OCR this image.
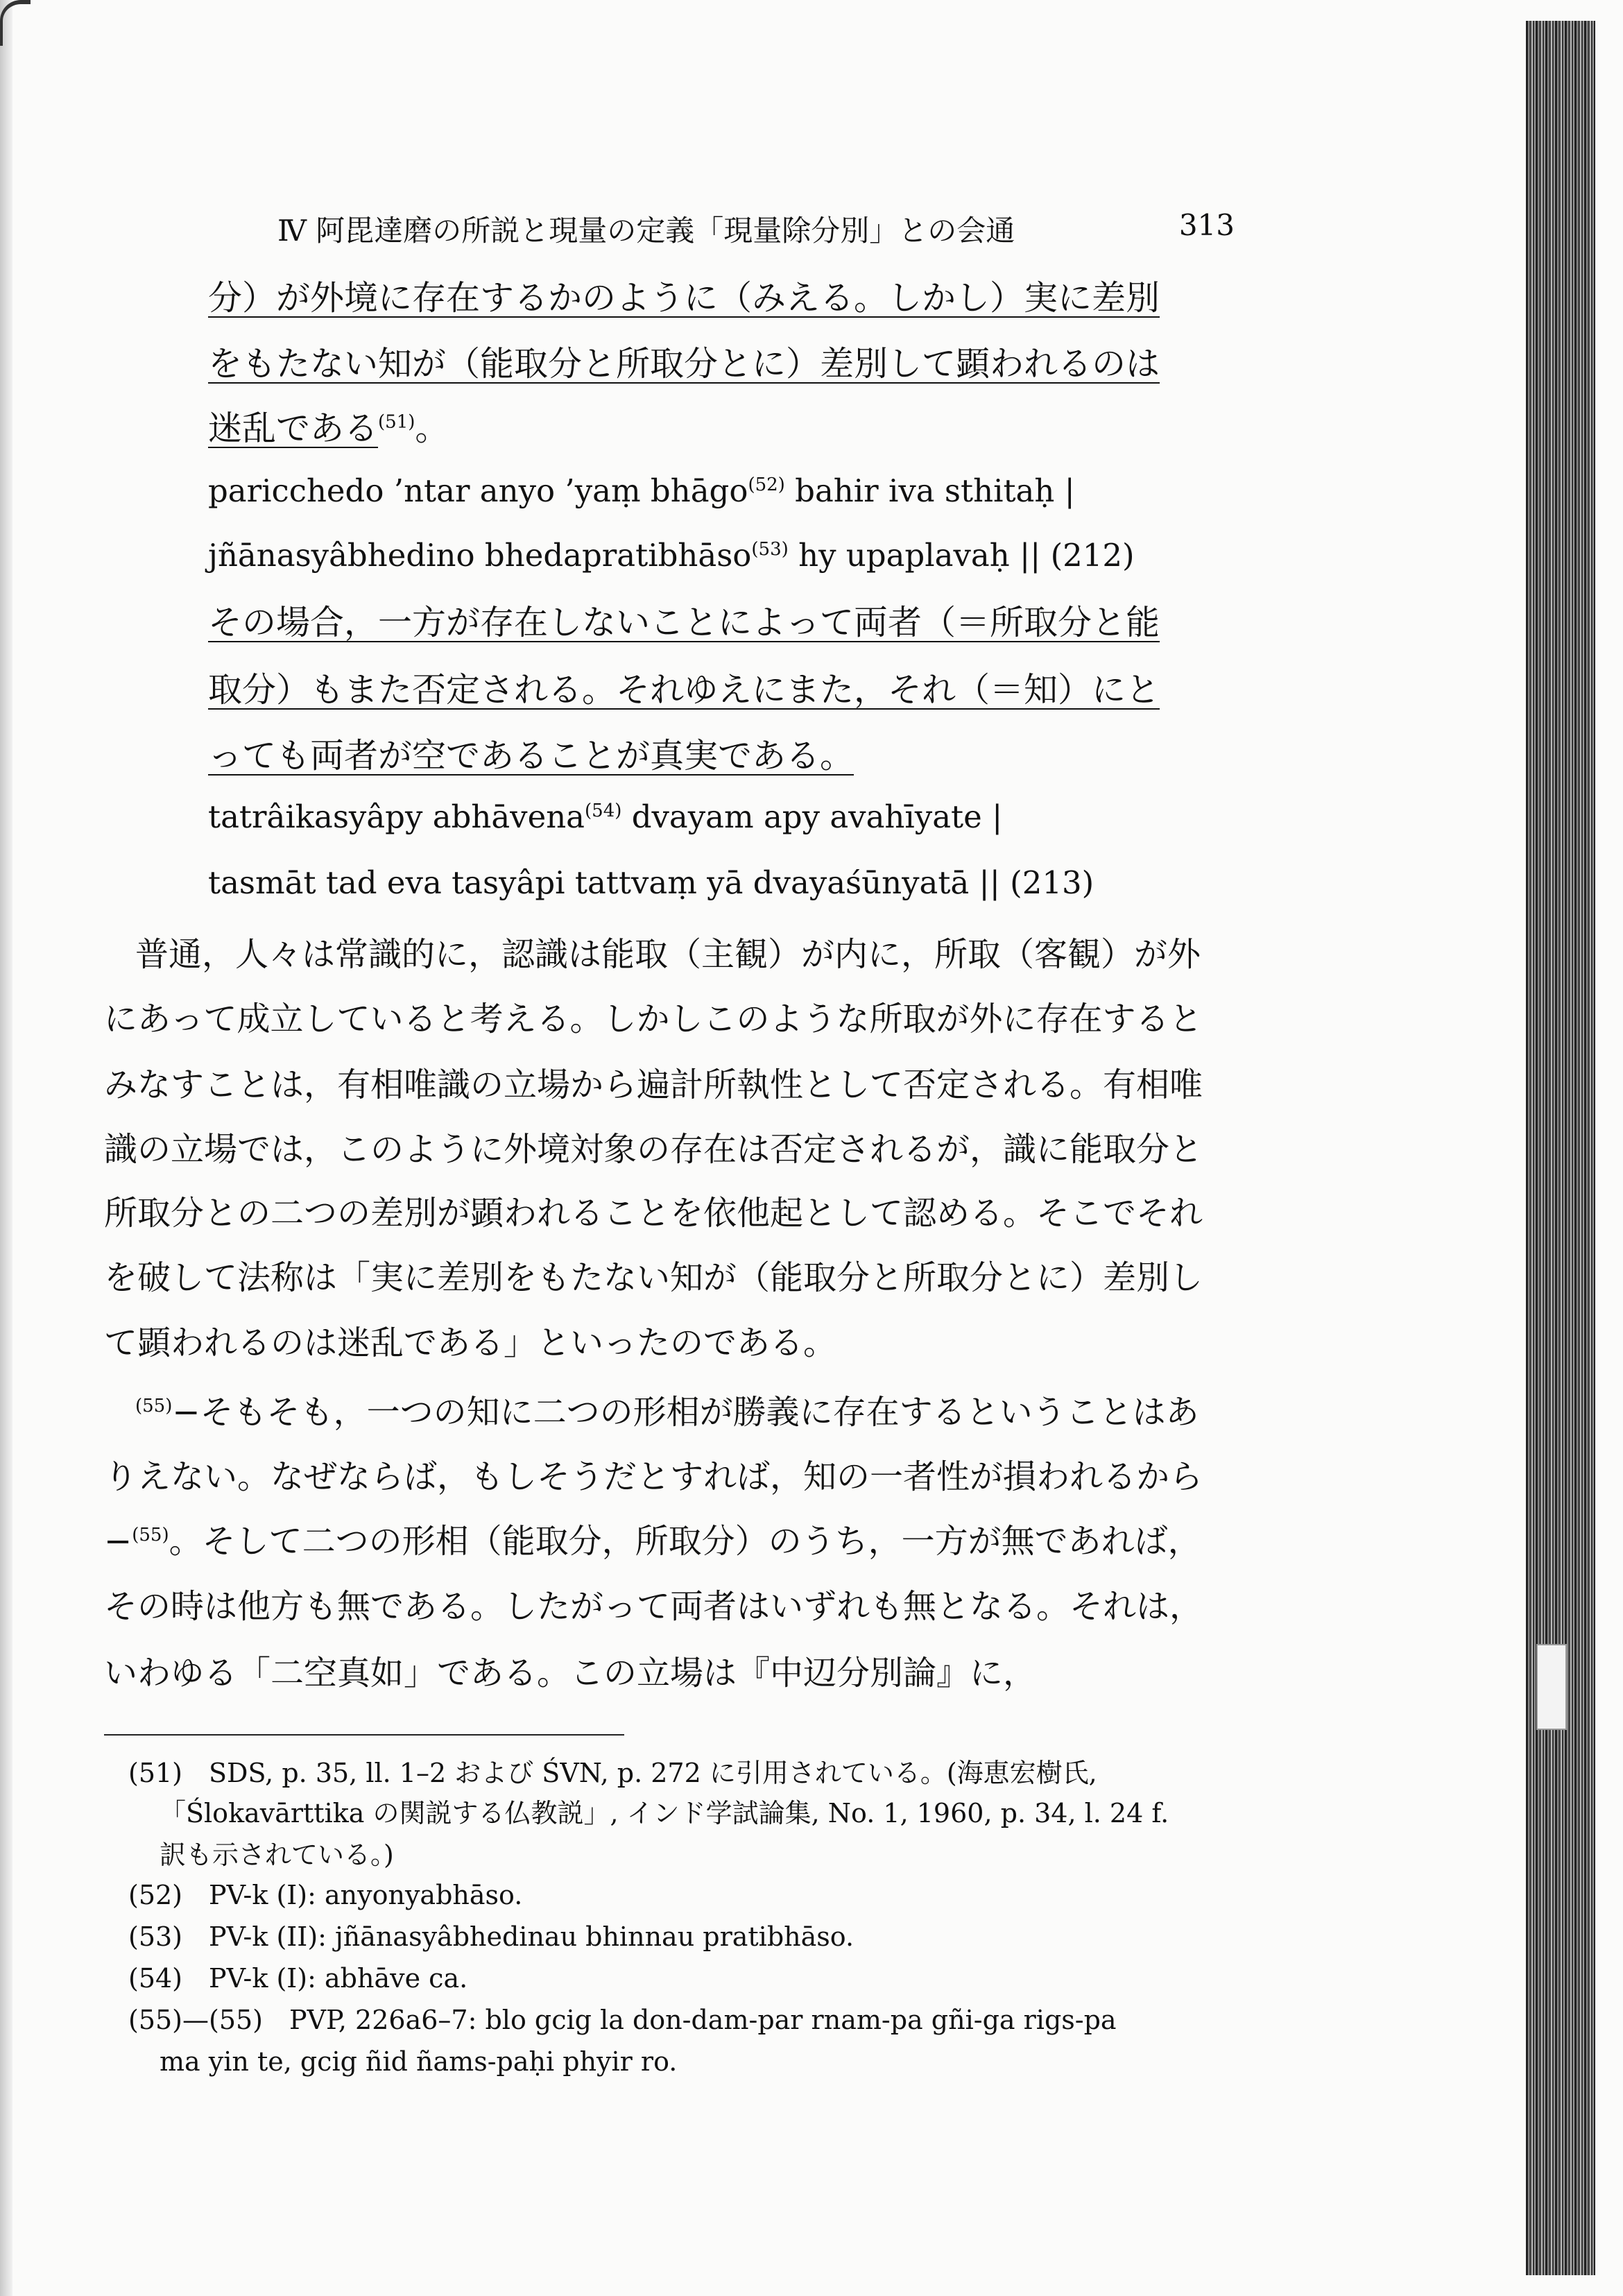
Ⅳ 阿毘達磨の所説と現量の定義「現量除分別」との会通	313
分）が外境に存在するかのように（みえる。しかし）実に差別
をもたない知が（能取分と所取分とに）差別して顕われるのは
迷乱である$^{(51)}$。
paricchedo ’ntar anyo ’yaṃ bhāgo$^{(52)}$ bahir iva sthitaḥ |
jñānasyâbhedino bhedapratibhāso$^{(53)}$ hy upaplavaḥ || (212)
その場合，一方が存在しないことによって両者（＝所取分と能
取分）もまた否定される。それゆえにまた，それ（＝知）にと
っても両者が空であることが真実である。
tatrâikasyâpy abhāvena$^{(54)}$ dvayam apy avahīyate |
tasmāt tad eva tasyâpi tattvaṃ yā dvayaśūnyatā || (213)
普通，人々は常識的に，認識は能取（主観）が内に，所取（客観）が外
にあって成立していると考える。しかしこのような所取が外に存在すると
みなすことは，有相唯識の立場から遍計所執性として否定される。有相唯
識の立場では，このように外境対象の存在は否定されるが，識に能取分と
所取分との二つの差別が顕われることを依他起として認める。そこでそれ
を破して法称は「実に差別をもたない知が（能取分と所取分とに）差別し
て顕われるのは迷乱である」といったのである。
$^{(55)}$−そもそも，一つの知に二つの形相が勝義に存在するということはあ
りえない。なぜならば，もしそうだとすれば，知の一者性が損われるから
−$^{(55)}$。そして二つの形相（能取分，所取分）のうち，一方が無であれば，
その時は他方も無である。したがって両者はいずれも無となる。それは，
いわゆる「二空真如」である。この立場は『中辺分別論』に，
(51)　SDS, p. 35, ll. 1–2 および ŚVN, p. 272 に引用されている。(海恵宏樹氏,
「Ślokavārttika の関説する仏教説」, インド学試論集, No. 1, 1960, p. 34, l. 24 f.
訳も示されている。)
(52)　PV-k (I): anyonyabhāso.
(53)　PV-k (II): jñānasyâbhedinau bhinnau pratibhāso.
(54)　PV-k (I): abhāve ca.
(55)—(55)　PVP, 226a6–7: blo gcig la don-dam-par rnam-pa gñi-ga rigs-pa
ma yin te, gcig ñid ñams-paḥi phyir ro.
